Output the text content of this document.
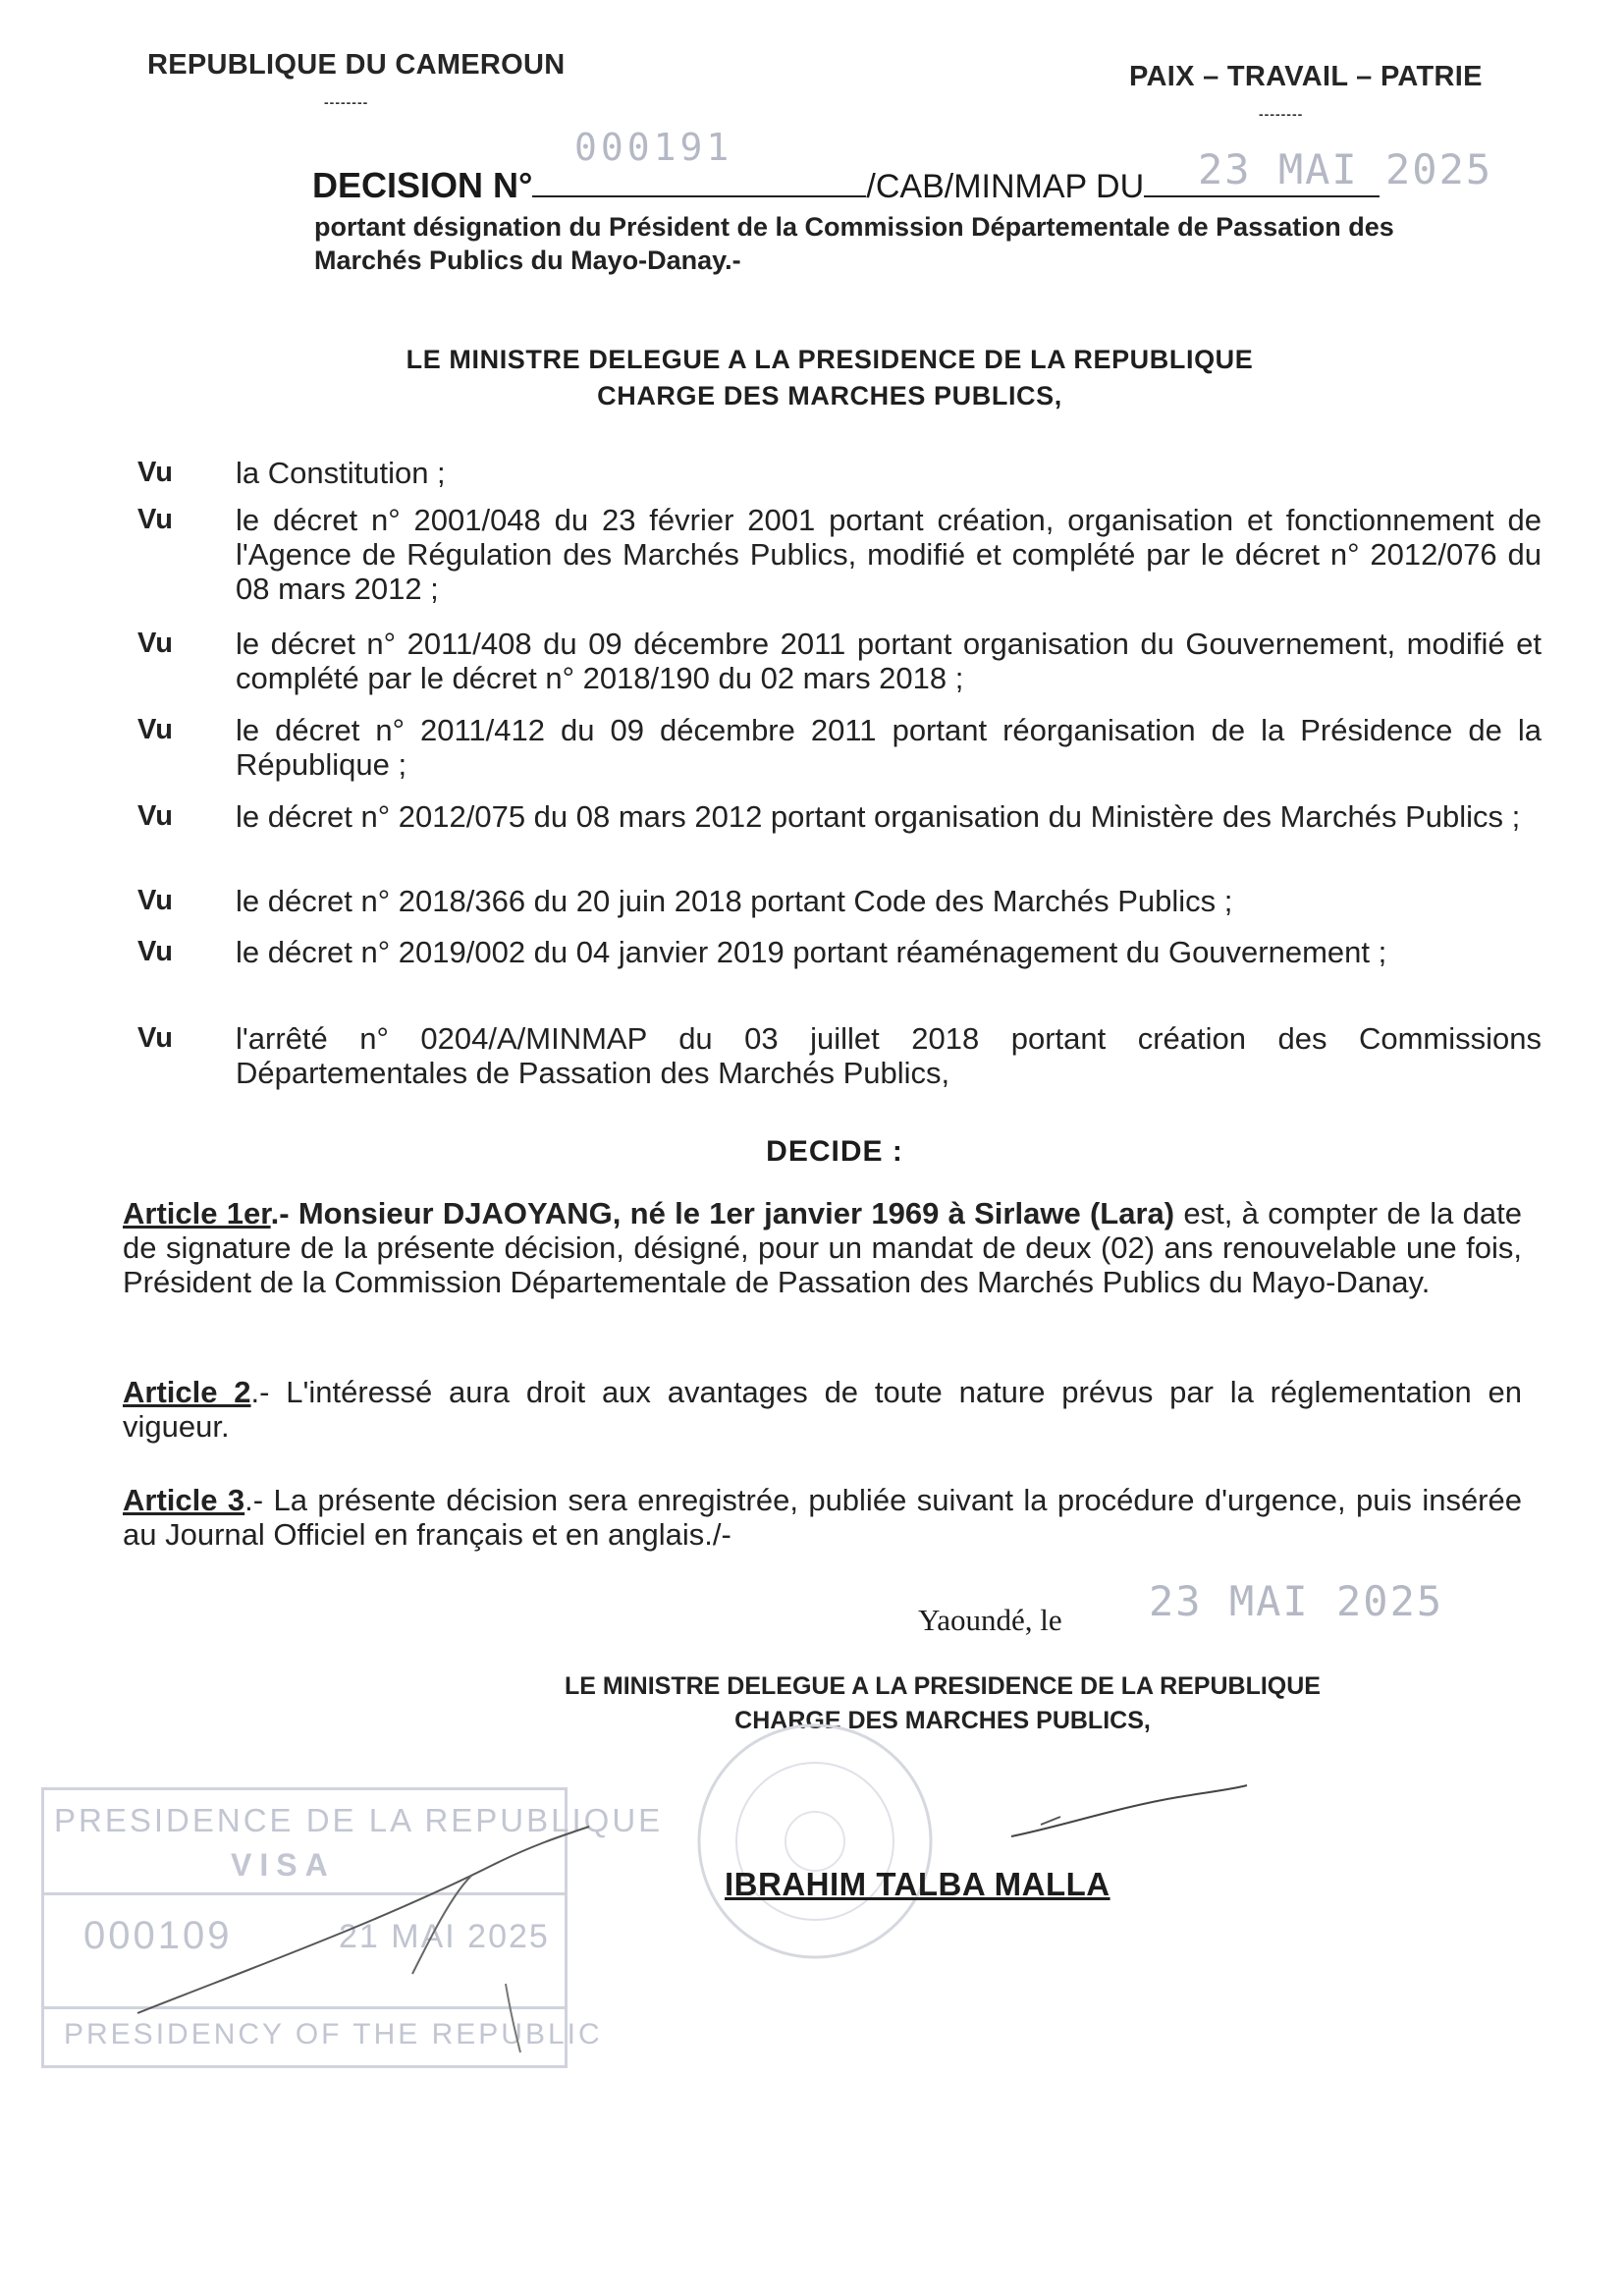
REPUBLIQUE DU CAMEROUN
--------
PAIX – TRAVAIL – PATRIE
--------
000191	23 MAI 2025
DECISION N°	/CAB/MINMAP DU
portant désignation du Président de la Commission Départementale de Passation des
Marchés Publics du Mayo-Danay.-
LE MINISTRE DELEGUE A LA PRESIDENCE DE LA REPUBLIQUE
CHARGE DES MARCHES PUBLICS,
Vu la Constitution ;
Vu le décret n° 2001/048 du 23 février 2001 portant création, organisation et fonctionnement de l'Agence de Régulation des Marchés Publics, modifié et complété par le décret n° 2012/076 du 08 mars 2012 ;
Vu le décret n° 2011/408 du 09 décembre 2011 portant organisation du Gouvernement, modifié et complété par le décret n° 2018/190 du 02 mars 2018 ;
Vu le décret n° 2011/412 du 09 décembre 2011 portant réorganisation de la Présidence de la République ;
Vu le décret n° 2012/075 du 08 mars 2012 portant organisation du Ministère des Marchés Publics ;
Vu le décret n° 2018/366 du 20 juin 2018 portant Code des Marchés Publics ;
Vu le décret n° 2019/002 du 04 janvier 2019 portant réaménagement du Gouvernement ;
Vu l'arrêté n° 0204/A/MINMAP du 03 juillet 2018 portant création des Commissions Départementales de Passation des Marchés Publics,
DECIDE :
Article 1er.- Monsieur DJAOYANG, né le 1er janvier 1969 à Sirlawe (Lara) est, à compter de la date de signature de la présente décision, désigné, pour un mandat de deux (02) ans renouvelable une fois, Président de la Commission Départementale de Passation des Marchés Publics du Mayo-Danay.
Article 2.- L'intéressé aura droit aux avantages de toute nature prévus par la réglementation en vigueur.
Article 3.- La présente décision sera enregistrée, publiée suivant la procédure d'urgence, puis insérée au Journal Officiel en français et en anglais./-
Yaoundé, le 23 MAI 2025
LE MINISTRE DELEGUE A LA PRESIDENCE DE LA REPUBLIQUE
CHARGE DES MARCHES PUBLICS,
IBRAHIM TALBA MALLA
PRESIDENCE DE LA REPUBLIQUE
VISA
000109	21 MAI 2025
PRESIDENCY OF THE REPUBLIC
